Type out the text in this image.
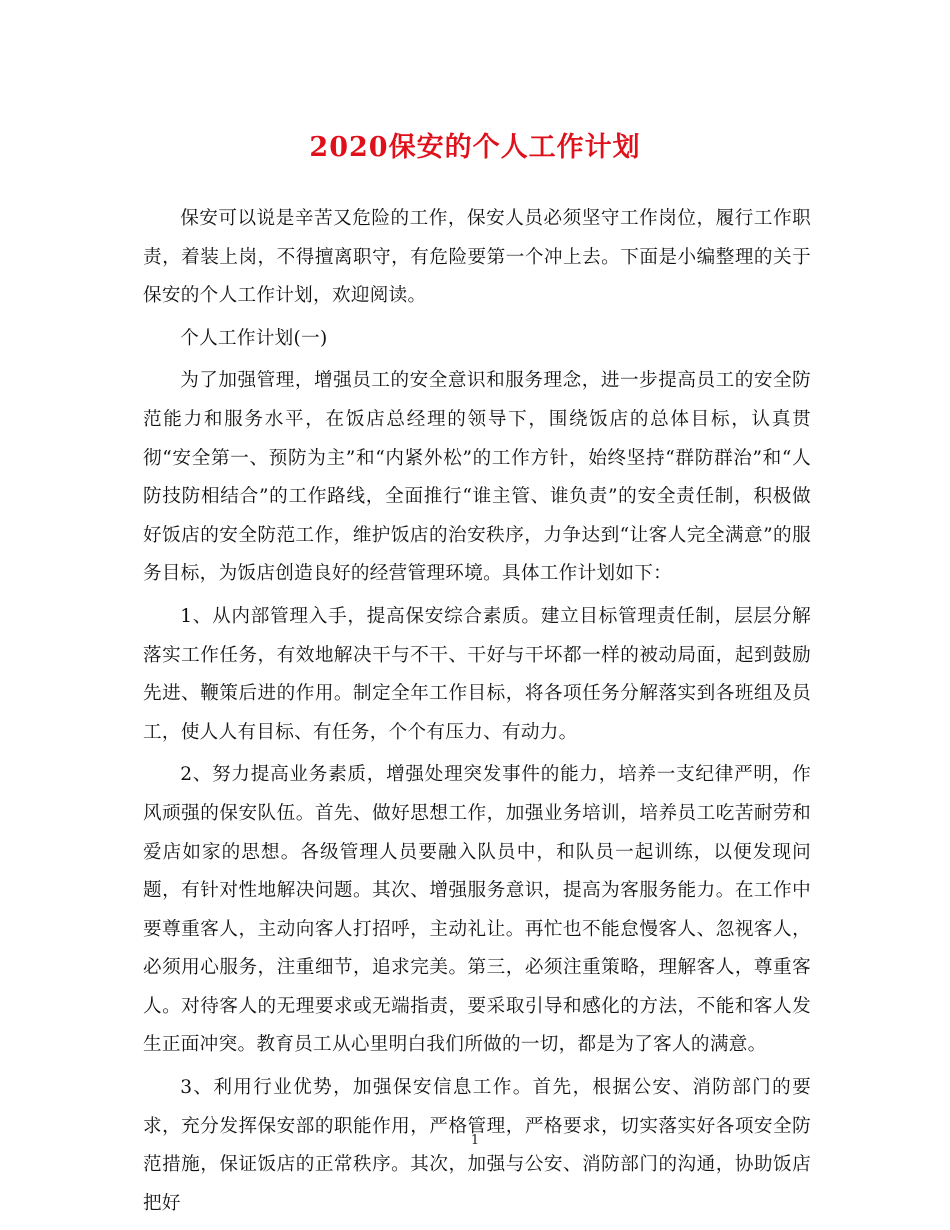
2020保安的个人工作计划

保安可以说是辛苦又危险的工作，保安人员必须坚守工作岗位，履行工作职责，着装上岗，不得擅离职守，有危险要第一个冲上去。下面是小编整理的关于保安的个人工作计划，欢迎阅读。

个人工作计划(一)

为了加强管理，增强员工的安全意识和服务理念，进一步提高员工的安全防范能力和服务水平，在饭店总经理的领导下，围绕饭店的总体目标，认真贯彻“安全第一、预防为主”和“内紧外松”的工作方针，始终坚持“群防群治”和“人防技防相结合”的工作路线，全面推行“谁主管、谁负责”的安全责任制，积极做好饭店的安全防范工作，维护饭店的治安秩序，力争达到“让客人完全满意”的服务目标，为饭店创造良好的经营管理环境。具体工作计划如下：

1、从内部管理入手，提高保安综合素质。建立目标管理责任制，层层分解落实工作任务，有效地解决干与不干、干好与干坏都一样的被动局面，起到鼓励先进、鞭策后进的作用。制定全年工作目标，将各项任务分解落实到各班组及员工，使人人有目标、有任务，个个有压力、有动力。

2、努力提高业务素质，增强处理突发事件的能力，培养一支纪律严明，作风顽强的保安队伍。首先、做好思想工作，加强业务培训，培养员工吃苦耐劳和爱店如家的思想。各级管理人员要融入队员中，和队员一起训练，以便发现问题，有针对性地解决问题。其次、增强服务意识，提高为客服务能力。在工作中要尊重客人，主动向客人打招呼，主动礼让。再忙也不能怠慢客人、忽视客人，必须用心服务，注重细节，追求完美。第三，必须注重策略，理解客人，尊重客人。对待客人的无理要求或无端指责，要采取引导和感化的方法，不能和客人发生正面冲突。教育员工从心里明白我们所做的一切，都是为了客人的满意。

3、利用行业优势，加强保安信息工作。首先，根据公安、消防部门的要求，充分发挥保安部的职能作用，严格管理，严格要求，切实落实好各项安全防范措施，保证饭店的正常秩序。其次，加强与公安、消防部门的沟通，协助饭店把好

1
